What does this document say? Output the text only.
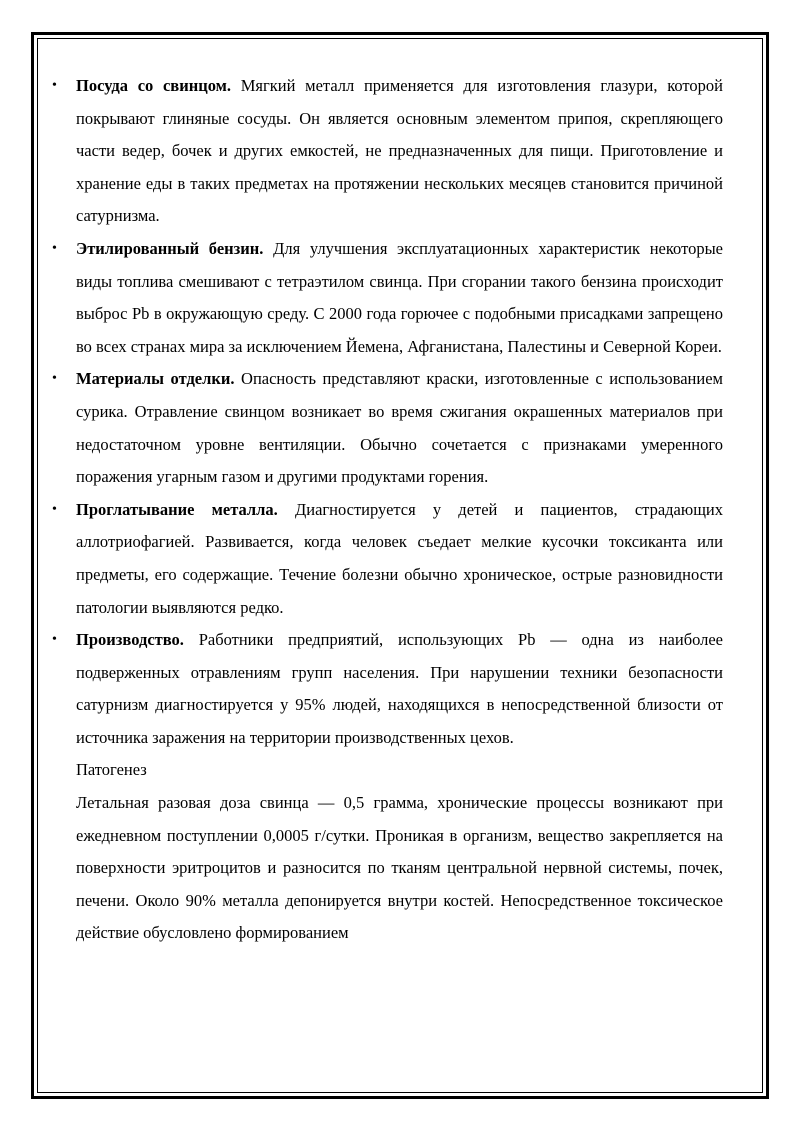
• Посуда со свинцом. Мягкий металл применяется для изготовления глазури, которой покрывают глиняные сосуды. Он является основным элементом припоя, скрепляющего части ведер, бочек и других емкостей, не предназначенных для пищи. Приготовление и хранение еды в таких предметах на протяжении нескольких месяцев становится причиной сатурнизма.
• Этилированный бензин. Для улучшения эксплуатационных характеристик некоторые виды топлива смешивают с тетраэтилом свинца. При сгорании такого бензина происходит выброс Pb в окружающую среду. С 2000 года горючее с подобными присадками запрещено во всех странах мира за исключением Йемена, Афганистана, Палестины и Северной Кореи.
• Материалы отделки. Опасность представляют краски, изготовленные с использованием сурика. Отравление свинцом возникает во время сжигания окрашенных материалов при недостаточном уровне вентиляции. Обычно сочетается с признаками умеренного поражения угарным газом и другими продуктами горения.
• Проглатывание металла. Диагностируется у детей и пациентов, страдающих аллотриофагией. Развивается, когда человек съедает мелкие кусочки токсиканта или предметы, его содержащие. Течение болезни обычно хроническое, острые разновидности патологии выявляются редко.
• Производство. Работники предприятий, использующих Pb — одна из наиболее подверженных отравлениям групп населения. При нарушении техники безопасности сатурнизм диагностируется у 95% людей, находящихся в непосредственной близости от источника заражения на территории производственных цехов.

Патогенез

Летальная разовая доза свинца — 0,5 грамма, хронические процессы возникают при ежедневном поступлении 0,0005 г/сутки. Проникая в организм, вещество закрепляется на поверхности эритроцитов и разносится по тканям центральной нервной системы, почек, печени. Около 90% металла депонируется внутри костей. Непосредственное токсическое действие обусловлено формированием
